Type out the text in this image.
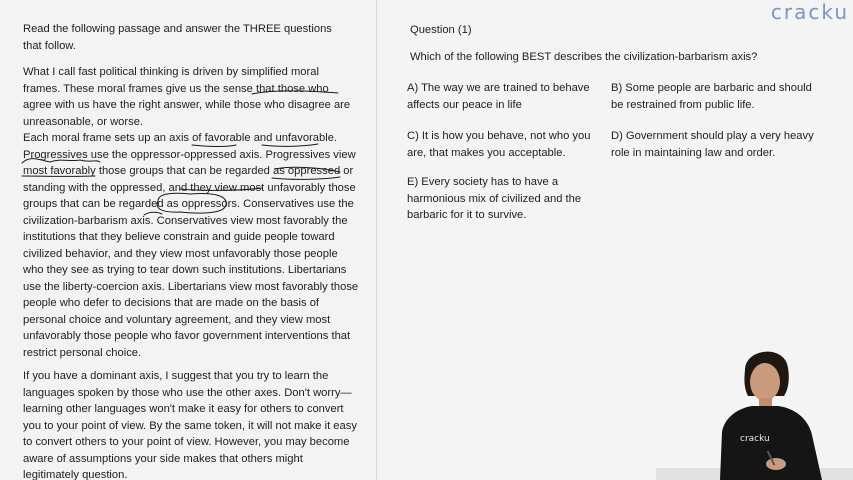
Read the following passage and answer the THREE questions that follow.

What I call fast political thinking is driven by simplified moral frames. These moral frames give us the sense that those who agree with us have the right answer, while those who disagree are unreasonable, or worse.

Each moral frame sets up an axis of favorable and unfavorable. Progressives use the oppressor-oppressed axis. Progressives view most favorably those groups that can be regarded as oppressed or standing with the oppressed, and they view most unfavorably those groups that can be regarded as oppressors. Conservatives use the civilization-barbarism axis. Conservatives view most favorably the institutions that they believe constrain and guide people toward civilized behavior, and they view most unfavorably those people who they see as trying to tear down such institutions. Libertarians use the liberty-coercion axis. Libertarians view most favorably those people who defer to decisions that are made on the basis of personal choice and voluntary agreement, and they view most unfavorably those people who favor government interventions that restrict personal choice.

If you have a dominant axis, I suggest that you try to learn the languages spoken by those who use the other axes. Don't worry—learning other languages won't make it easy for others to convert you to your point of view. By the same token, it will not make it easy to convert others to your point of view. However, you may become aware of assumptions your side makes that others might legitimately question.

cracku
Question (1)
Which of the following BEST describes the civilization-barbarism axis?
A) The way we are trained to behave affects our peace in life
B) Some people are barbaric and should be restrained from public life.
C) It is how you behave, not who you are, that makes you acceptable.
D) Government should play a very heavy role in maintaining law and order.
E) Every society has to have a harmonious mix of civilized and the barbaric for it to survive.
cracku
